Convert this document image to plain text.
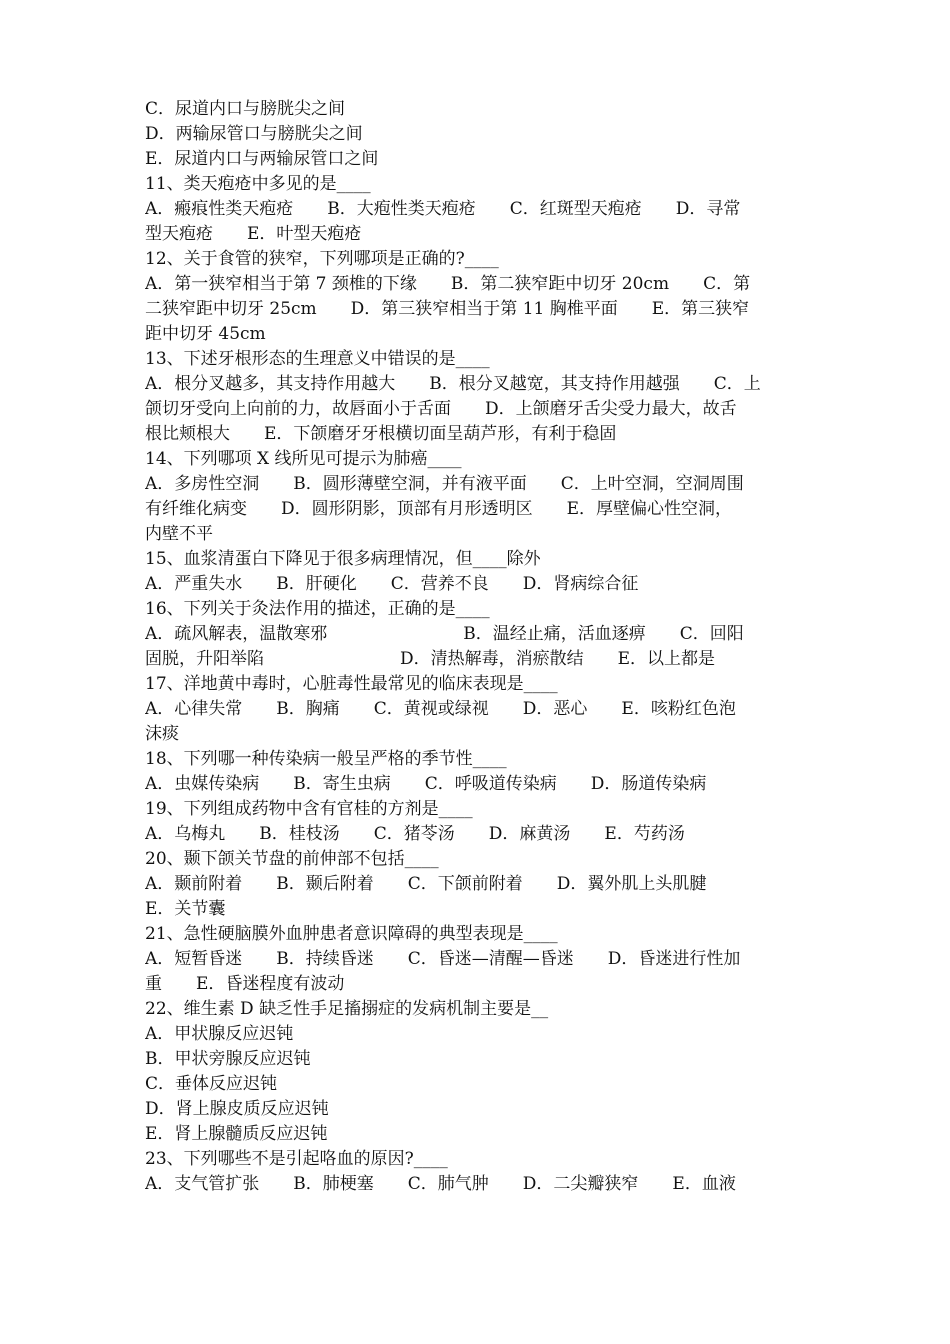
C．尿道内口与膀胱尖之间
D．两输尿管口与膀胱尖之间
E．尿道内口与两输尿管口之间
11、类天疱疮中多见的是____
A．瘢痕性类天疱疮　　B．大疱性类天疱疮　　C．红斑型天疱疮　　D．寻常
型天疱疮　　E．叶型天疱疮
12、关于食管的狭窄，下列哪项是正确的?____
A．第一狭窄相当于第 7 颈椎的下缘　　B．第二狭窄距中切牙 20cm　　C．第
二狭窄距中切牙 25cm　　D．第三狭窄相当于第 11 胸椎平面　　E．第三狭窄
距中切牙 45cm
13、下述牙根形态的生理意义中错误的是____
A．根分叉越多，其支持作用越大　　B．根分叉越宽，其支持作用越强　　C．上
颌切牙受向上向前的力，故唇面小于舌面　　D．上颌磨牙舌尖受力最大，故舌
根比颊根大　　E．下颌磨牙牙根横切面呈葫芦形，有利于稳固
14、下列哪项 X 线所见可提示为肺癌____
A．多房性空洞　　B．圆形薄壁空洞，并有液平面　　C．上叶空洞，空洞周围
有纤维化病变　　D．圆形阴影，顶部有月形透明区　　E．厚壁偏心性空洞，
内壁不平
15、血浆清蛋白下降见于很多病理情况，但____除外
A．严重失水　　B．肝硬化　　C．营养不良　　D．肾病综合征
16、下列关于灸法作用的描述，正确的是____
A．疏风解表，温散寒邪　　　　　　　　B．温经止痛，活血逐痹　　C．回阳
固脱，升阳举陷　　　　　　　　D．清热解毒，消瘀散结　　E．以上都是
17、洋地黄中毒时，心脏毒性最常见的临床表现是____
A．心律失常　　B．胸痛　　C．黄视或绿视　　D．恶心　　E．咳粉红色泡
沫痰
18、下列哪一种传染病一般呈严格的季节性____
A．虫媒传染病　　B．寄生虫病　　C．呼吸道传染病　　D．肠道传染病
19、下列组成药物中含有官桂的方剂是____
A．乌梅丸　　B．桂枝汤　　C．猪苓汤　　D．麻黄汤　　E．芍药汤
20、颞下颌关节盘的前伸部不包括____
A．颞前附着　　B．颞后附着　　C．下颌前附着　　D．翼外肌上头肌腱
E．关节囊
21、急性硬脑膜外血肿患者意识障碍的典型表现是____
A．短暂昏迷　　B．持续昏迷　　C．昏迷—清醒—昏迷　　D．昏迷进行性加
重　　E．昏迷程度有波动
22、维生素 D 缺乏性手足搐搦症的发病机制主要是__
A．甲状腺反应迟钝
B．甲状旁腺反应迟钝
C．垂体反应迟钝
D．肾上腺皮质反应迟钝
E．肾上腺髓质反应迟钝
23、下列哪些不是引起咯血的原因?____
A．支气管扩张　　B．肺梗塞　　C．肺气肿　　D．二尖瓣狭窄　　E．血液
